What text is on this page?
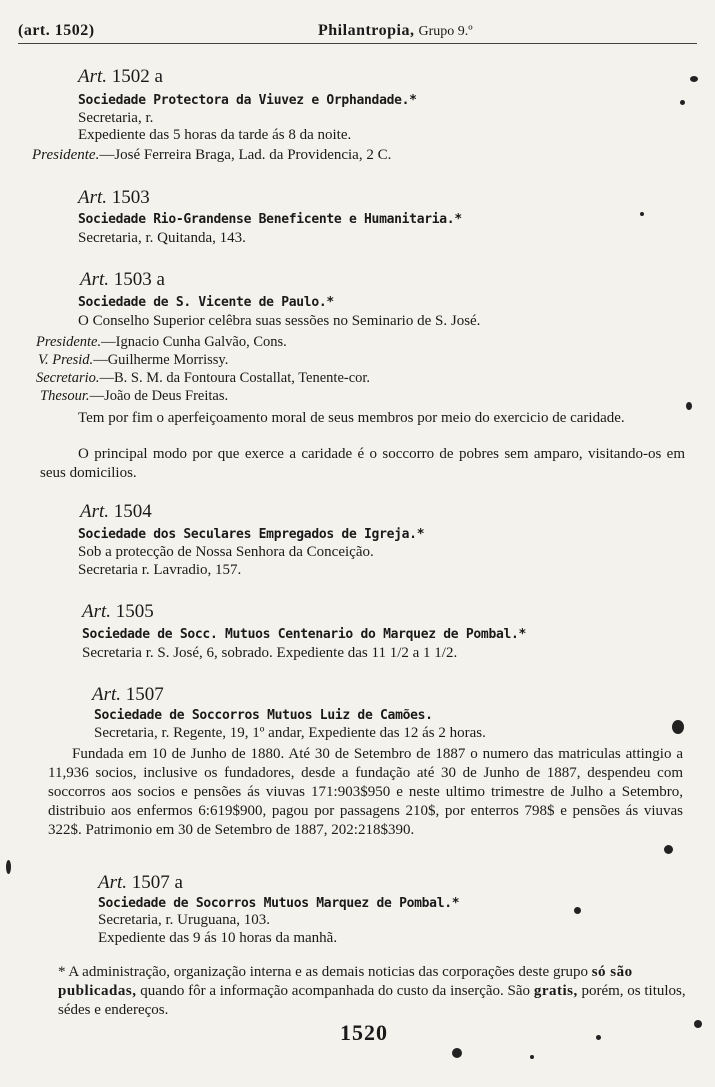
(art. 1502)	Philantropia, Grupo 9.º
Art. 1502 a
Sociedade Protectora da Viuvez e Orphandade.*
Secretaria, r.
Expediente das 5 horas da tarde ás 8 da noite.
Presidente.—José Ferreira Braga, Lad. da Providencia, 2 C.
Art. 1503
Sociedade Rio-Grandense Beneficente e Humanitaria.*
Secretaria, r. Quitanda, 143.
Art. 1503 a
Sociedade de S. Vicente de Paulo.*
O Conselho Superior celêbra suas sessões no Seminario de S. José.
Presidente.—Ignacio Cunha Galvão, Cons.
V. Presid.—Guilherme Morrissy.
Secretario.—B. S. M. da Fontoura Costallat, Tenente-cor.
Thesour.—João de Deus Freitas.
Tem por fim o aperfeiçoamento moral de seus membros por meio do exercicio de caridade.
O principal modo por que exerce a caridade é o soccorro de pobres sem amparo, visitando-os em seus domicilios.
Art. 1504
Sociedade dos Seculares Empregados de Igreja.*
Sob a protecção de Nossa Senhora da Conceição.
Secretaria r. Lavradio, 157.
Art. 1505
Sociedade de Socc. Mutuos Centenario do Marquez de Pombal.*
Secretaria r. S. José, 6, sobrado. Expediente das 11 1/2 a 1 1/2.
Art. 1507
Sociedade de Soccorros Mutuos Luiz de Camões.
Secretaria, r. Regente, 19, 1º andar, Expediente das 12 ás 2 horas.
Fundada em 10 de Junho de 1880. Até 30 de Setembro de 1887 o numero das matriculas attingio a 11,936 socios, inclusive os fundadores, desde a fundação até 30 de Junho de 1887, despendeu com soccorros aos socios e pensões ás viuvas 171:903$950 e neste ultimo trimestre de Julho a Setembro, distribuio aos enfermos 6:619$900, pagou por passagens 210$, por enterros 798$ e pensões ás viuvas 322$. Patrimonio em 30 de Setembro de 1887, 202:218$390.
Art. 1507 a
Sociedade de Socorros Mutuos Marquez de Pombal.*
Secretaria, r. Uruguana, 103.
Expediente das 9 ás 10 horas da manhã.
* A administração, organização interna e as demais noticias das corporações deste grupo só são publicadas, quando fôr a informação acompanhada do custo da inserção. São gratis, porém, os titulos, sédes e endereços.
1520
